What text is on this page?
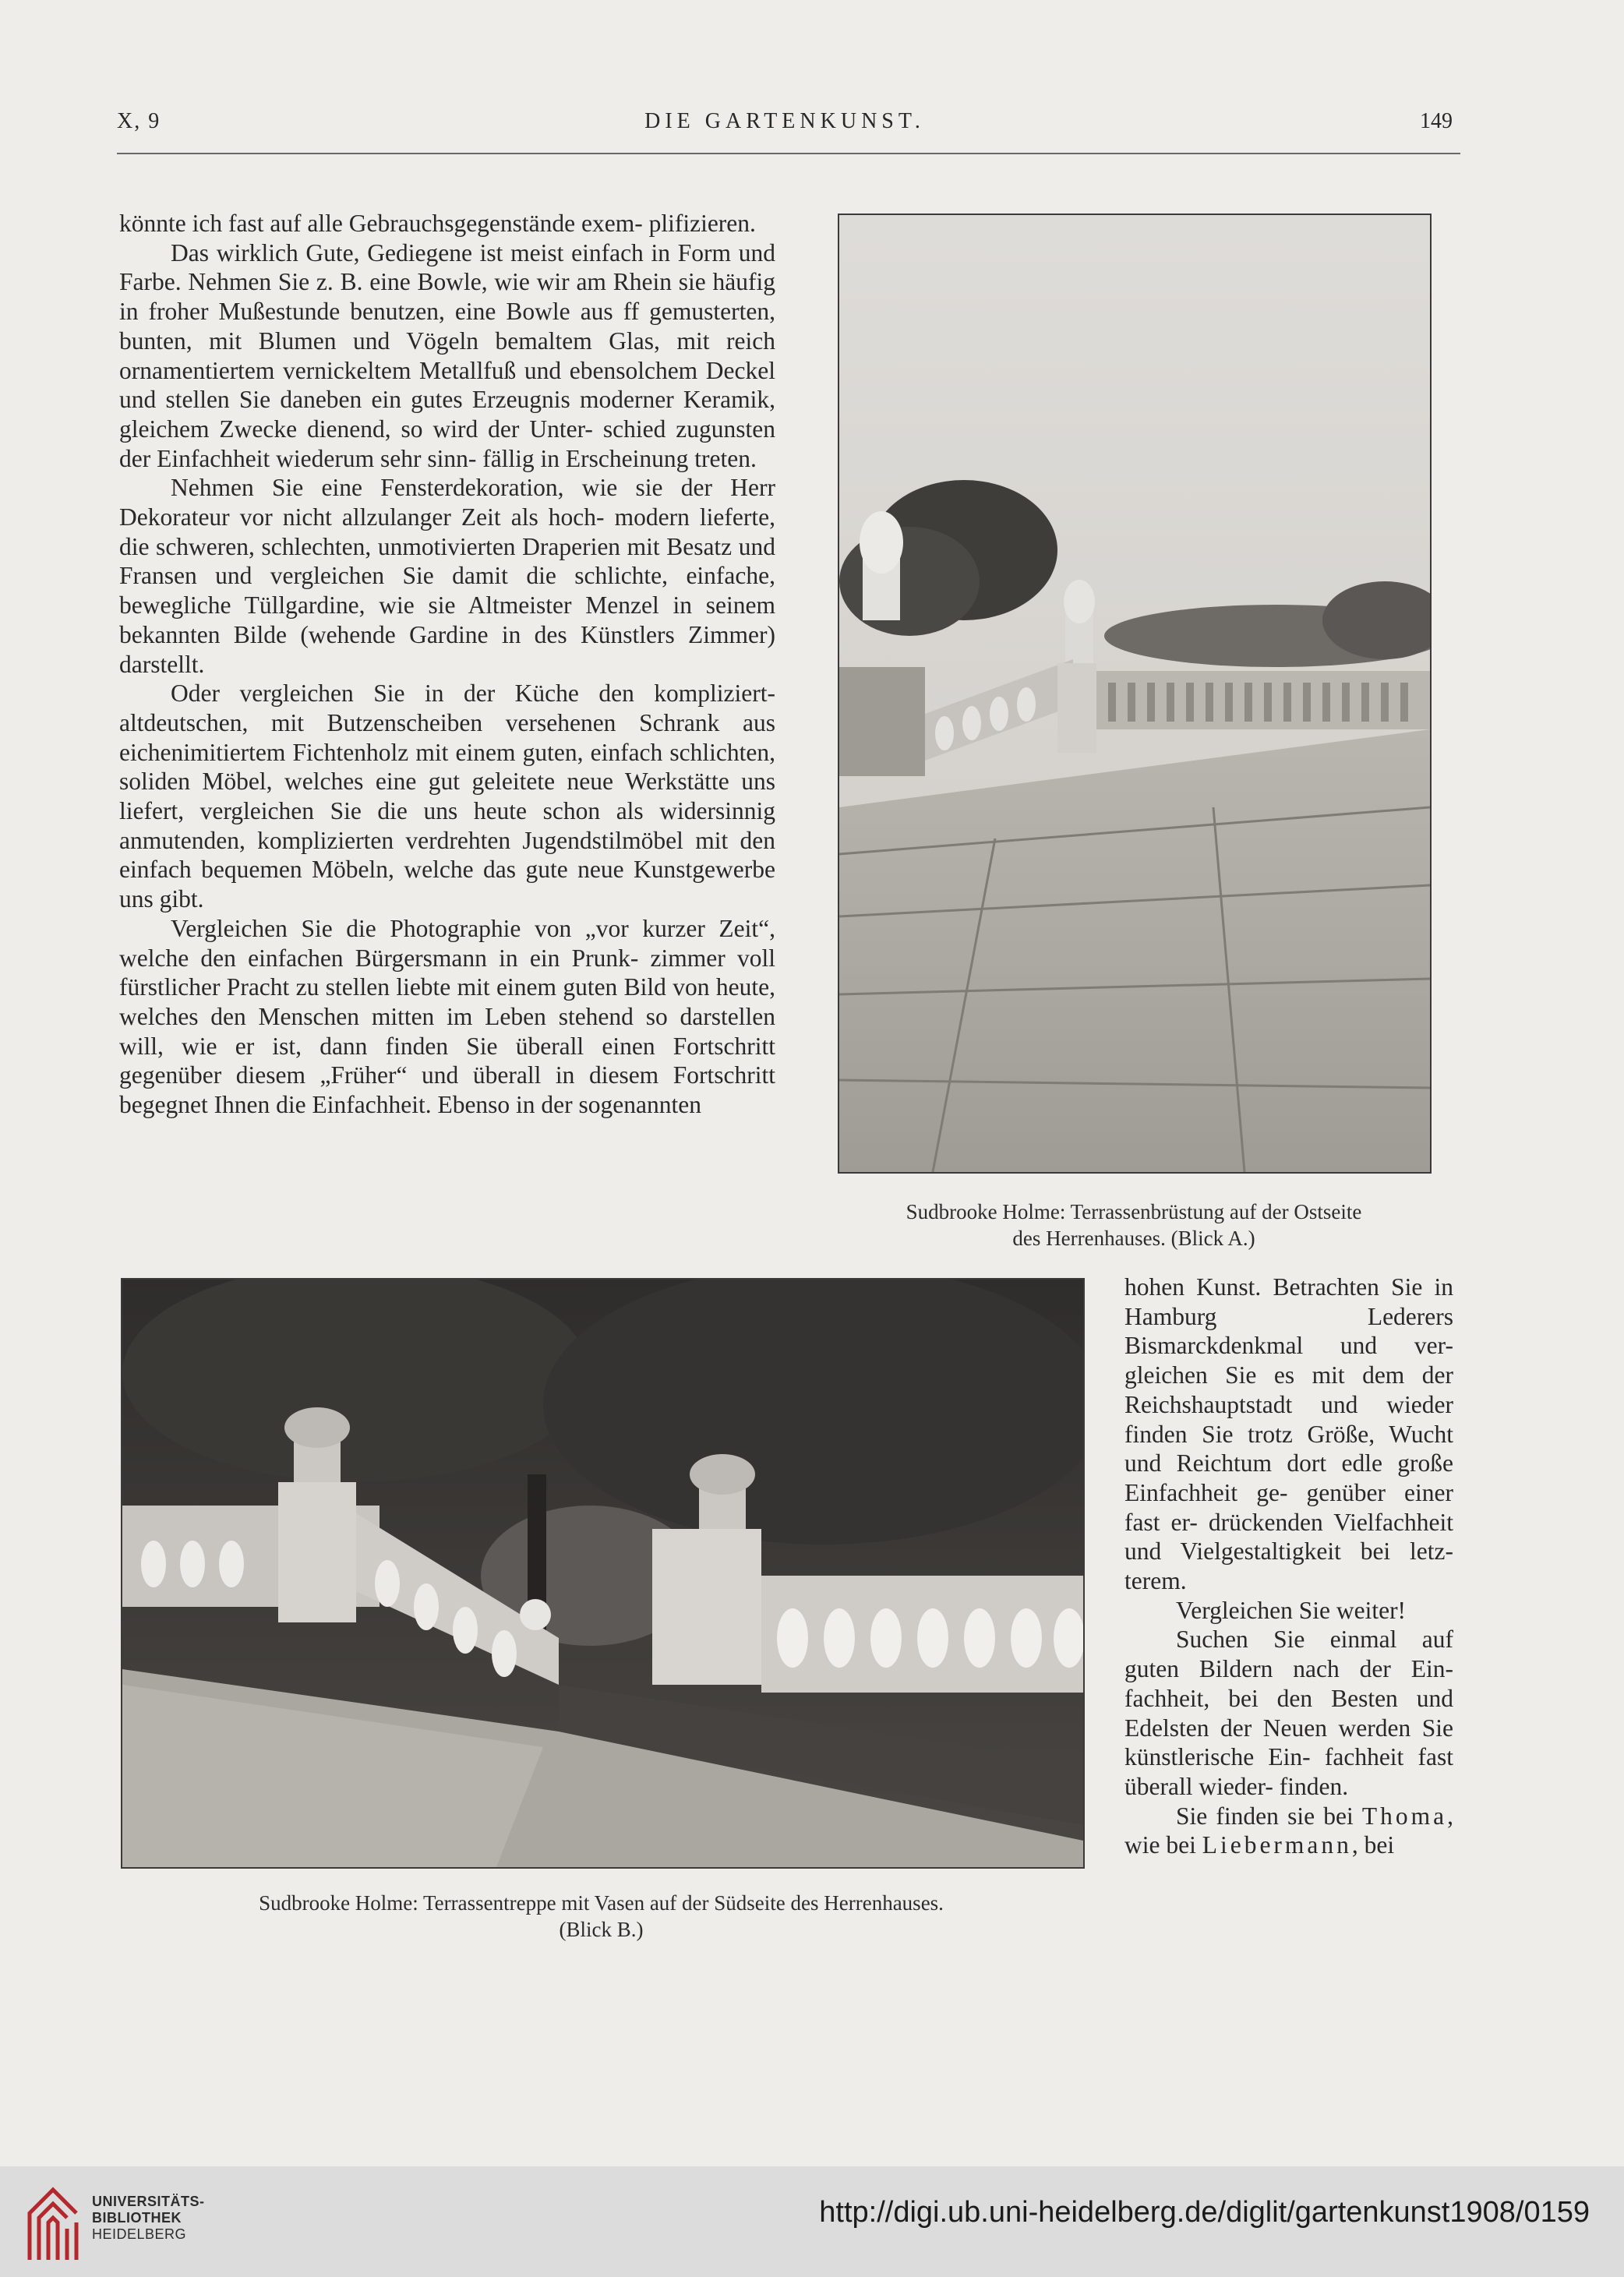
X, 9	DIE GARTENKUNST.	149

könnte ich fast auf alle Gebrauchsgegenstände exem- plifizieren.

Das wirklich Gute, Gediegene ist meist einfach in Form und Farbe. Nehmen Sie z. B. eine Bowle, wie wir am Rhein sie häufig in froher Mußestunde benutzen, eine Bowle aus ff gemusterten, bunten, mit Blumen und Vögeln bemaltem Glas, mit reich ornamentiertem vernickeltem Metallfuß und ebensolchem Deckel und stellen Sie daneben ein gutes Erzeugnis moderner Keramik, gleichem Zwecke dienend, so wird der Unter- schied zugunsten der Einfachheit wiederum sehr sinn- fällig in Erscheinung treten.

Nehmen Sie eine Fensterdekoration, wie sie der Herr Dekorateur vor nicht allzulanger Zeit als hoch- modern lieferte, die schweren, schlechten, unmotivierten Draperien mit Besatz und Fransen und vergleichen Sie damit die schlichte, einfache, bewegliche Tüllgardine, wie sie Altmeister Menzel in seinem bekannten Bilde (wehende Gardine in des Künstlers Zimmer) darstellt.

Oder vergleichen Sie in der Küche den kompliziert- altdeutschen, mit Butzenscheiben versehenen Schrank aus eichenimitiertem Fichtenholz mit einem guten, einfach schlichten, soliden Möbel, welches eine gut geleitete neue Werkstätte uns liefert, vergleichen Sie die uns heute schon als widersinnig anmutenden, komplizierten verdrehten Jugendstilmöbel mit den einfach bequemen Möbeln, welche das gute neue Kunstgewerbe uns gibt.

Vergleichen Sie die Photographie von „vor kurzer Zeit“, welche den einfachen Bürgersmann in ein Prunk- zimmer voll fürstlicher Pracht zu stellen liebte mit einem guten Bild von heute, welches den Menschen mitten im Leben stehend so darstellen will, wie er ist, dann finden Sie überall einen Fortschritt gegenüber diesem „Früher“ und überall in diesem Fortschritt begegnet Ihnen die Einfachheit. Ebenso in der sogenannten

Sudbrooke Holme: Terrassenbrüstung auf der Ostseite
des Herrenhauses. (Blick A.)
Sudbrooke Holme: Terrassentreppe mit Vasen auf der Südseite des Herrenhauses.
(Blick B.)

hohen Kunst. Betrachten Sie in Hamburg Lederers Bismarckdenkmal und ver- gleichen Sie es mit dem der Reichshauptstadt und wieder finden Sie trotz Größe, Wucht und Reichtum dort edle große Einfachheit ge- genüber einer fast er- drückenden Vielfachheit und Vielgestaltigkeit bei letz- terem.

Vergleichen Sie weiter!

Suchen Sie einmal auf guten Bildern nach der Ein- fachheit, bei den Besten und Edelsten der Neuen werden Sie künstlerische Ein- fachheit fast überall wieder- finden.

Sie finden sie bei Thoma, wie bei Liebermann, bei

UNIVERSITÄTS-
BIBLIOTHEK
HEIDELBERG
http://digi.ub.uni-heidelberg.de/diglit/gartenkunst1908/0159
